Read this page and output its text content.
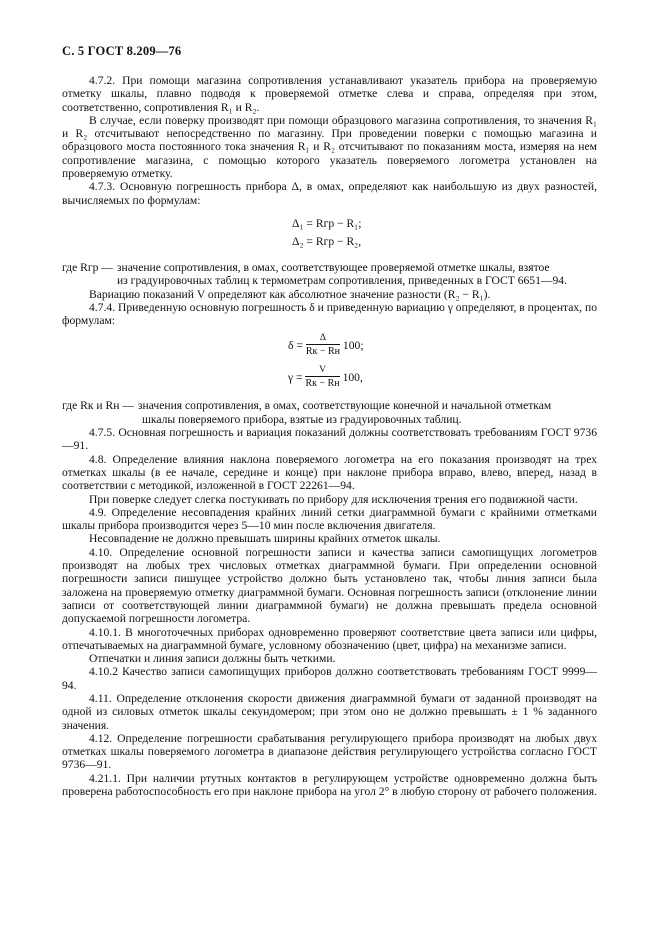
С. 5 ГОСТ 8.209—76

4.7.2. При помощи магазина сопротивления устанавливают указатель прибора на проверяемую отметку шкалы, плавно подводя к проверяемой отметке слева и справа, определяя при этом, соответственно, сопротивления R₁ и R₂.

В случае, если поверку производят при помощи образцового магазина сопротивления, то значения R₁ и R₂ отсчитывают непосредственно по магазину. При проведении поверки с помощью магазина и образцового моста постоянного тока значения R₁ и R₂ отсчитывают по показаниям моста, измеряя на нем сопротивление магазина, с помощью которого указатель поверяемого логометра установлен на проверяемую отметку.

4.7.3. Основную погрешность прибора Δ, в омах, определяют как наибольшую из двух разностей, вычисляемых по формулам:

Δ₁ = Rгр − R₁;
Δ₂ = Rгр − R₂,
где Rгр — значение сопротивления, в омах, соответствующее проверяемой отметке шкалы, взятое
из градуировочных таблиц к термометрам сопротивления, приведенных в ГОСТ 6651—94.

Вариацию показаний V определяют как абсолютное значение разности (R₂ − R₁).

4.7.4. Приведенную основную погрешность δ и приведенную вариацию γ определяют, в процентах, по формулам:

$\delta = \frac{\Delta}{Rк - Rн} 100$;
$\gamma = \frac{V}{Rк - Rн} 100$,
где Rк и Rн — значения сопротивления, в омах, соответствующие конечной и начальной отметкам
шкалы поверяемого прибора, взятые из градуировочных таблиц.

4.7.5. Основная погрешность и вариация показаний должны соответствовать требованиям ГОСТ 9736—91.

4.8. Определение влияния наклона поверяемого логометра на его показания производят на трех отметках шкалы (в ее начале, середине и конце) при наклоне прибора вправо, влево, вперед, назад в соответствии с методикой, изложенной в ГОСТ 22261—94.

При поверке следует слегка постукивать по прибору для исключения трения его подвижной части.

4.9. Определение несовпадения крайних линий сетки диаграммной бумаги с крайними отметками шкалы прибора производится через 5—10 мин после включения двигателя.

Несовпадение не должно превышать ширины крайних отметок шкалы.

4.10. Определение основной погрешности записи и качества записи самопищущих логометров производят на любых трех числовых отметках диаграммной бумаги. При определении основной погрешности записи пишущее устройство должно быть установлено так, чтобы линия записи была заложена на проверяемую отметку диаграммной бумаги. Основная погрешность записи (отклонение линии записи от соответствующей линии диаграммной бумаги) не должна превышать предела основной допускаемой погрешности логометра.

4.10.1. В многоточечных приборах одновременно проверяют соответствие цвета записи или цифры, отпечатываемых на диаграммной бумаге, условному обозначению (цвет, цифра) на механизме записи.

Отпечатки и линия записи должны быть четкими.

4.10.2 Качество записи самопищущих приборов должно соответствовать требованиям ГОСТ 9999—94.

4.11. Определение отклонения скорости движения диаграммной бумаги от заданной производят на одной из силовых отметок шкалы секундомером; при этом оно не должно превышать ± 1 % заданного значения.

4.12. Определение погрешности срабатывания регулирующего прибора производят на любых двух отметках шкалы поверяемого логометра в диапазоне действия регулирующего устройства согласно ГОСТ 9736—91.

4.21.1. При наличии ртутных контактов в регулирующем устройстве одновременно должна быть проверена работоспособность его при наклоне прибора на угол 2° в любую сторону от рабочего положения.
